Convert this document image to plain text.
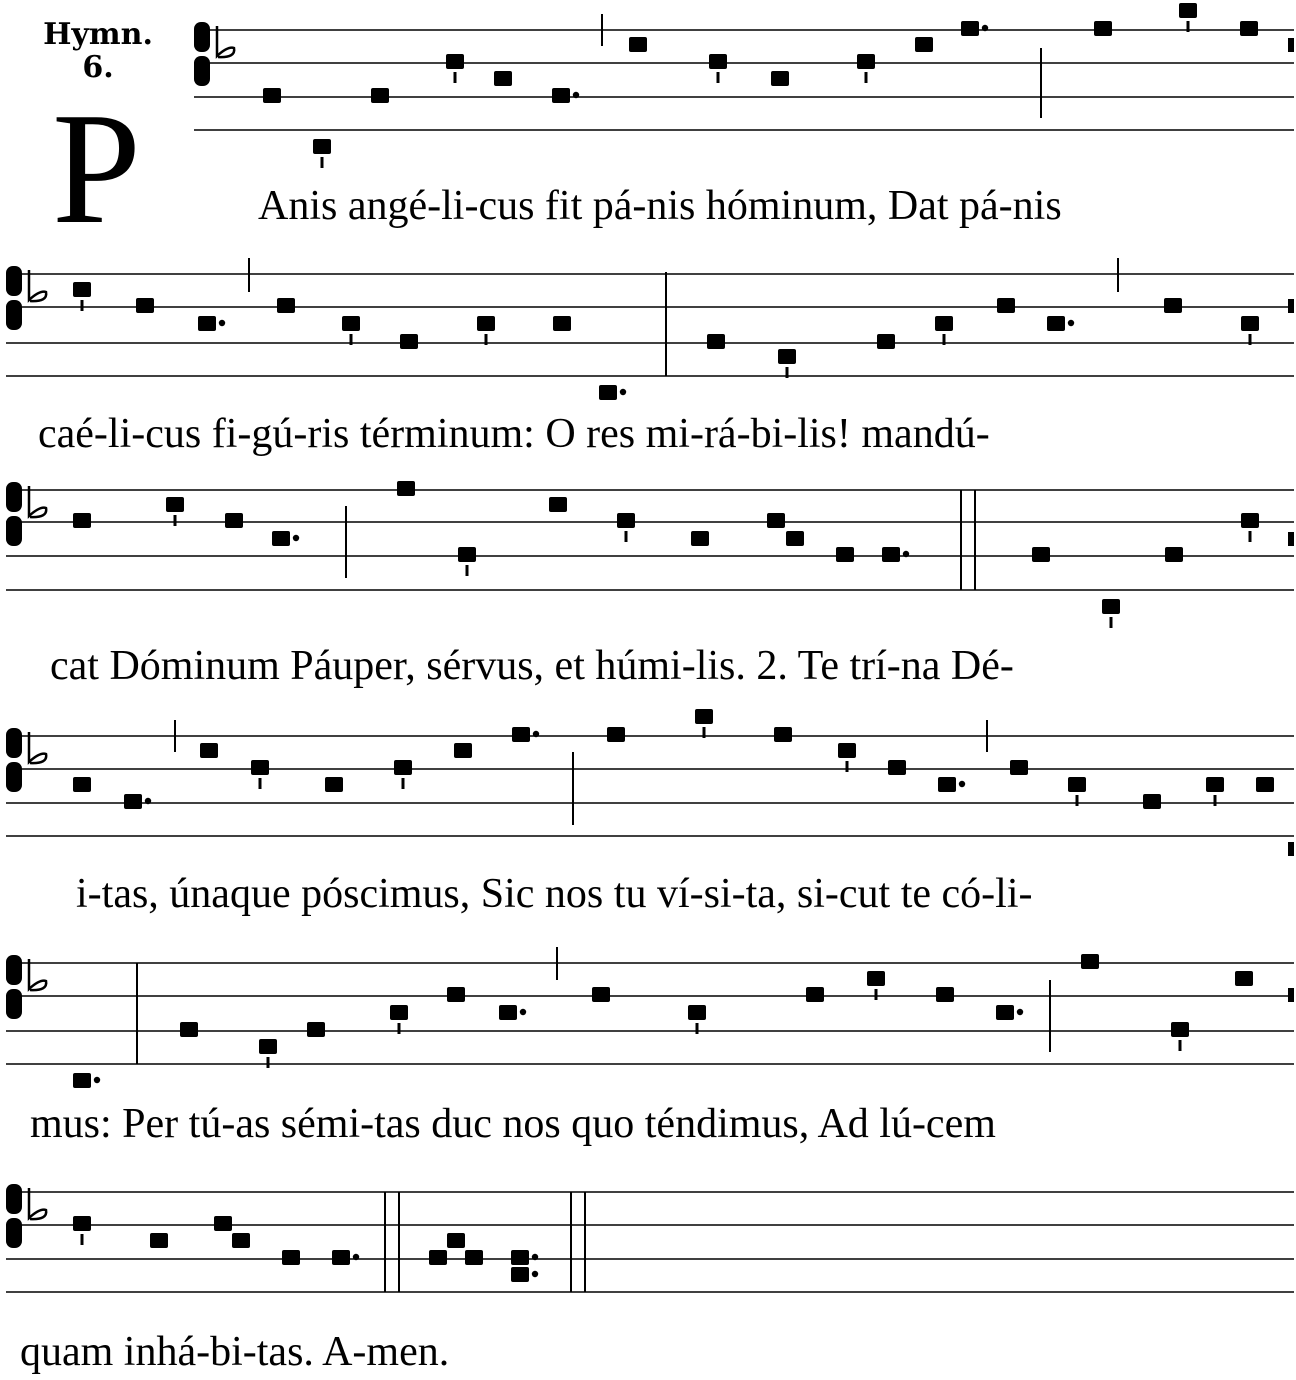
Hymn.
6.
P	Anis angé-li-cus fit pá-nis hóminum, Dat pá-nis
caé-li-cus fi-gú-ris términum: O res mi-rá-bi-lis! mandú-
cat Dóminum Páuper, sérvus, et húmi-lis. 2. Te trí-na Dé-
i-tas, únaque póscimus, Sic nos tu ví-si-ta, si-cut te có-li-
mus: Per tú-as sémi-tas duc nos quo téndimus, Ad lú-cem
quam inhá-bi-tas. A-men.
